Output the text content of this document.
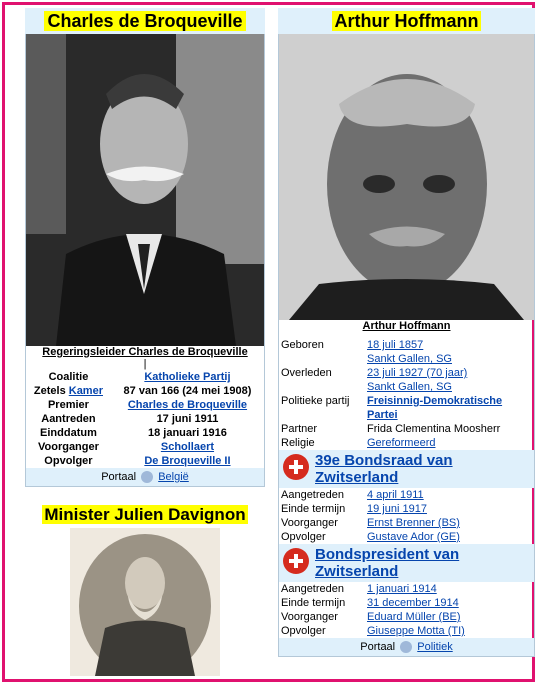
Charles de Broqueville
Regeringsleider Charles de Broqueville
|
Coalitie	Katholieke Partij
Zetels Kamer	87 van 166 (24 mei 1908)
Premier	Charles de Broqueville
Aantreden	17 juni 1911
Einddatum	18 januari 1916
Voorganger	Schollaert
Opvolger	De Broqueville II
Portaal België
Minister Julien Davignon
Arthur Hoffmann
Arthur Hoffmann
Geboren	18 juli 1857
Sankt Gallen, SG
Overleden	23 juli 1927 (70 jaar)
Sankt Gallen, SG
Politieke partij	Freisinnig-Demokratische
Partei
Partner	Frida Clementina Moosherr
Religie	Gereformeerd
39e Bondsraad van
Zwitserland
Aangetreden	4 april 1911
Einde termijn	19 juni 1917
Voorganger	Ernst Brenner (BS)
Opvolger	Gustave Ador (GE)
Bondspresident van
Zwitserland
Aangetreden	1 januari 1914
Einde termijn	31 december 1914
Voorganger	Eduard Müller (BE)
Opvolger	Giuseppe Motta (TI)
Portaal Politiek
